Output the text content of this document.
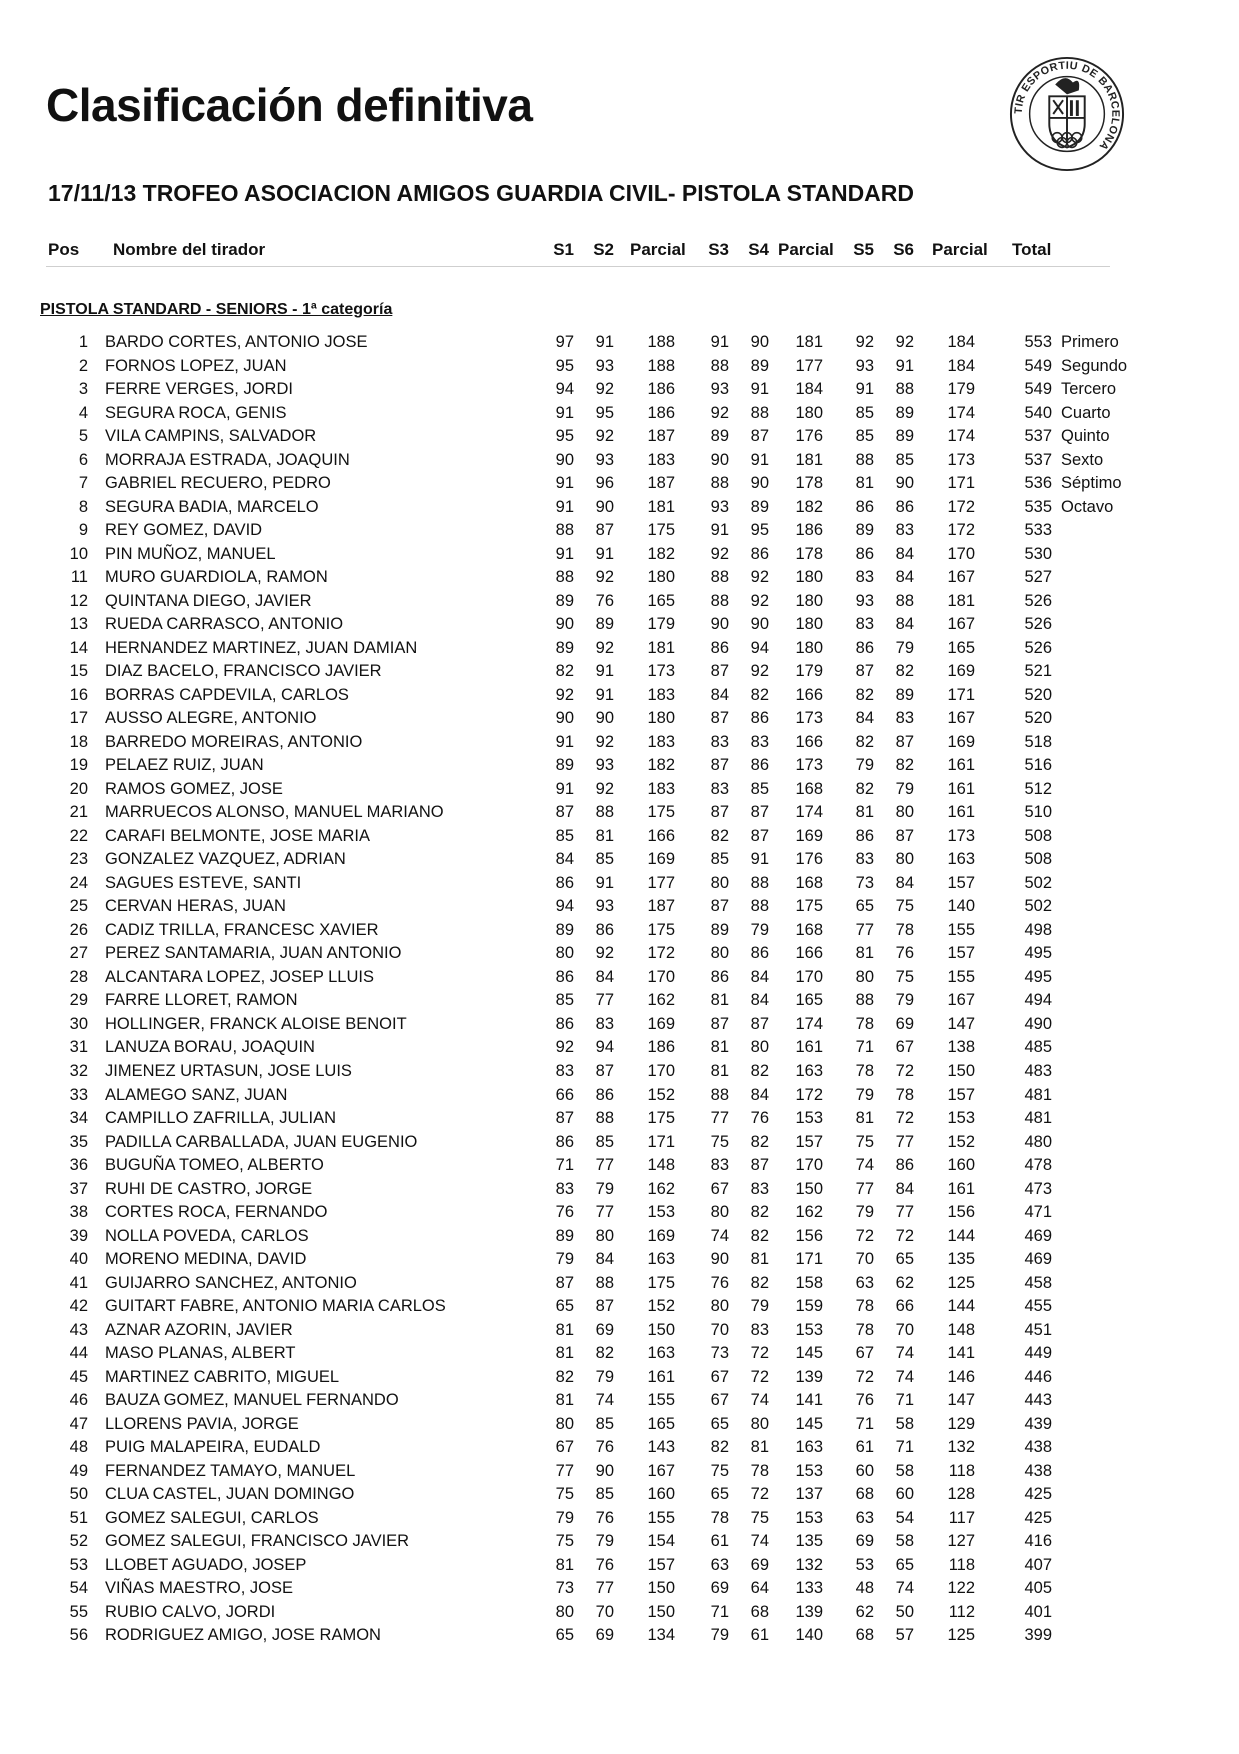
Clasificación definitiva	TIR ESPORTIU DE BARCELONA
17/11/13 TROFEO ASOCIACION AMIGOS GUARDIA CIVIL- PISTOLA STANDARD
Pos Nombre del tirador	S1	S2 Parcial	S3	S4 Parcial	S5	S6 Parcial Total
PISTOLA STANDARD - SENIORS - 1ª categoría
1 BARDO CORTES, ANTONIO JOSE	97	91	188	91	90	181	92	92	184	553 Primero
2 FORNOS LOPEZ, JUAN	95	93	188	88	89	177	93	91	184	549 Segundo
3 FERRE VERGES, JORDI	94	92	186	93	91	184	91	88	179	549 Tercero
4 SEGURA ROCA, GENIS	91	95	186	92	88	180	85	89	174	540 Cuarto
5 VILA CAMPINS, SALVADOR	95	92	187	89	87	176	85	89	174	537 Quinto
6 MORRAJA ESTRADA, JOAQUIN	90	93	183	90	91	181	88	85	173	537 Sexto
7 GABRIEL RECUERO, PEDRO	91	96	187	88	90	178	81	90	171	536 Séptimo
8 SEGURA BADIA, MARCELO	91	90	181	93	89	182	86	86	172	535 Octavo
9 REY GOMEZ, DAVID	88	87	175	91	95	186	89	83	172	533
10 PIN MUÑOZ, MANUEL	91	91	182	92	86	178	86	84	170	530
11 MURO GUARDIOLA, RAMON	88	92	180	88	92	180	83	84	167	527
12 QUINTANA DIEGO, JAVIER	89	76	165	88	92	180	93	88	181	526
13 RUEDA CARRASCO, ANTONIO	90	89	179	90	90	180	83	84	167	526
14 HERNANDEZ MARTINEZ, JUAN DAMIAN	89	92	181	86	94	180	86	79	165	526
15 DIAZ BACELO, FRANCISCO JAVIER	82	91	173	87	92	179	87	82	169	521
16 BORRAS CAPDEVILA, CARLOS	92	91	183	84	82	166	82	89	171	520
17 AUSSO ALEGRE, ANTONIO	90	90	180	87	86	173	84	83	167	520
18 BARREDO MOREIRAS, ANTONIO	91	92	183	83	83	166	82	87	169	518
19 PELAEZ RUIZ, JUAN	89	93	182	87	86	173	79	82	161	516
20 RAMOS GOMEZ, JOSE	91	92	183	83	85	168	82	79	161	512
21 MARRUECOS ALONSO, MANUEL MARIANO	87	88	175	87	87	174	81	80	161	510
22 CARAFI BELMONTE, JOSE MARIA	85	81	166	82	87	169	86	87	173	508
23 GONZALEZ VAZQUEZ, ADRIAN	84	85	169	85	91	176	83	80	163	508
24 SAGUES ESTEVE, SANTI	86	91	177	80	88	168	73	84	157	502
25 CERVAN HERAS, JUAN	94	93	187	87	88	175	65	75	140	502
26 CADIZ TRILLA, FRANCESC XAVIER	89	86	175	89	79	168	77	78	155	498
27 PEREZ SANTAMARIA, JUAN ANTONIO	80	92	172	80	86	166	81	76	157	495
28 ALCANTARA LOPEZ, JOSEP LLUIS	86	84	170	86	84	170	80	75	155	495
29 FARRE LLORET, RAMON	85	77	162	81	84	165	88	79	167	494
30 HOLLINGER, FRANCK ALOISE BENOIT	86	83	169	87	87	174	78	69	147	490
31 LANUZA BORAU, JOAQUIN	92	94	186	81	80	161	71	67	138	485
32 JIMENEZ URTASUN, JOSE LUIS	83	87	170	81	82	163	78	72	150	483
33 ALAMEGO SANZ, JUAN	66	86	152	88	84	172	79	78	157	481
34 CAMPILLO ZAFRILLA, JULIAN	87	88	175	77	76	153	81	72	153	481
35 PADILLA CARBALLADA, JUAN EUGENIO	86	85	171	75	82	157	75	77	152	480
36 BUGUÑA TOMEO, ALBERTO	71	77	148	83	87	170	74	86	160	478
37 RUHI DE CASTRO, JORGE	83	79	162	67	83	150	77	84	161	473
38 CORTES ROCA, FERNANDO	76	77	153	80	82	162	79	77	156	471
39 NOLLA POVEDA, CARLOS	89	80	169	74	82	156	72	72	144	469
40 MORENO MEDINA, DAVID	79	84	163	90	81	171	70	65	135	469
41 GUIJARRO SANCHEZ, ANTONIO	87	88	175	76	82	158	63	62	125	458
42 GUITART FABRE, ANTONIO MARIA CARLOS	65	87	152	80	79	159	78	66	144	455
43 AZNAR AZORIN, JAVIER	81	69	150	70	83	153	78	70	148	451
44 MASO PLANAS, ALBERT	81	82	163	73	72	145	67	74	141	449
45 MARTINEZ CABRITO, MIGUEL	82	79	161	67	72	139	72	74	146	446
46 BAUZA GOMEZ, MANUEL FERNANDO	81	74	155	67	74	141	76	71	147	443
47 LLORENS PAVIA, JORGE	80	85	165	65	80	145	71	58	129	439
48 PUIG MALAPEIRA, EUDALD	67	76	143	82	81	163	61	71	132	438
49 FERNANDEZ TAMAYO, MANUEL	77	90	167	75	78	153	60	58	118	438
50 CLUA CASTEL, JUAN DOMINGO	75	85	160	65	72	137	68	60	128	425
51 GOMEZ SALEGUI, CARLOS	79	76	155	78	75	153	63	54	117	425
52 GOMEZ SALEGUI, FRANCISCO JAVIER	75	79	154	61	74	135	69	58	127	416
53 LLOBET AGUADO, JOSEP	81	76	157	63	69	132	53	65	118	407
54 VIÑAS MAESTRO, JOSE	73	77	150	69	64	133	48	74	122	405
55 RUBIO CALVO, JORDI	80	70	150	71	68	139	62	50	112	401
56 RODRIGUEZ AMIGO, JOSE RAMON	65	69	134	79	61	140	68	57	125	399
